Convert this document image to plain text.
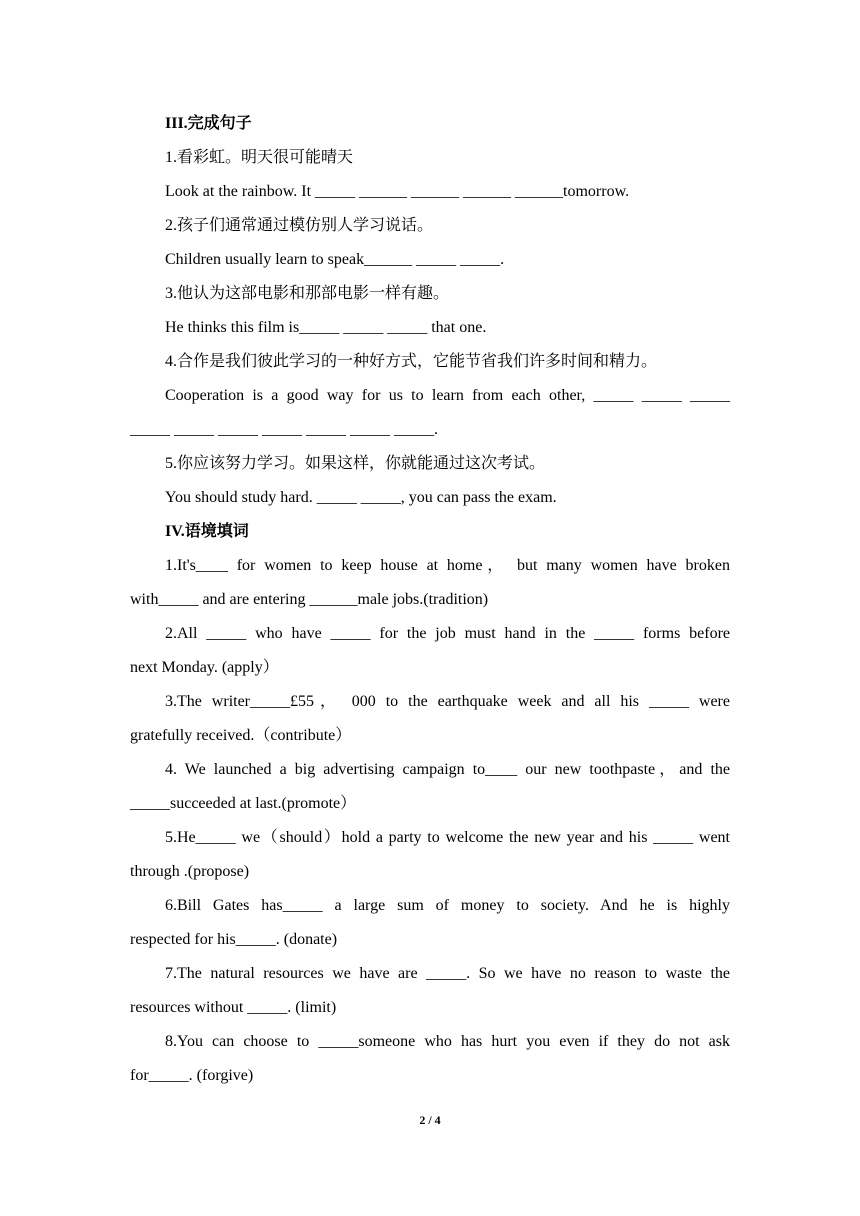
III.完成句子
1.看彩虹。明天很可能晴天
Look at the rainbow. It _____ ______ ______ ______ ______tomorrow.
2.孩子们通常通过模仿别人学习说话。
Children usually learn to speak______ _____ _____.
3.他认为这部电影和那部电影一样有趣。
He thinks this film is_____ _____ _____ that one.
4.合作是我们彼此学习的一种好方式，它能节省我们许多时间和精力。
Cooperation is a good way for us to learn from each other, _____ _____ _____
_____ _____ _____ _____ _____ _____ _____.
5.你应该努力学习。如果这样，你就能通过这次考试。
You should study hard. _____ _____, you can pass the exam.
IV.语境填词
1.It's____ for women to keep house at home， but many women have broken
with_____ and are entering ______male jobs.(tradition)
2.All _____ who have _____ for the job must hand in the _____ forms before
next Monday. (apply）
3.The writer_____£55， 000 to the earthquake week and all his _____ were
gratefully received.（contribute）
4. We launched a big advertising campaign to____ our new toothpaste，and the
_____succeeded at last.(promote）
5.He_____ we（should）hold a party to welcome the new year and his _____ went
through .(propose)
6.Bill Gates has_____ a large sum of money to society. And he is highly
respected for his_____. (donate)
7.The natural resources we have are _____. So we have no reason to waste the
resources without _____. (limit)
8.You can choose to _____someone who has hurt you even if they do not ask
for_____. (forgive)
2 / 4
